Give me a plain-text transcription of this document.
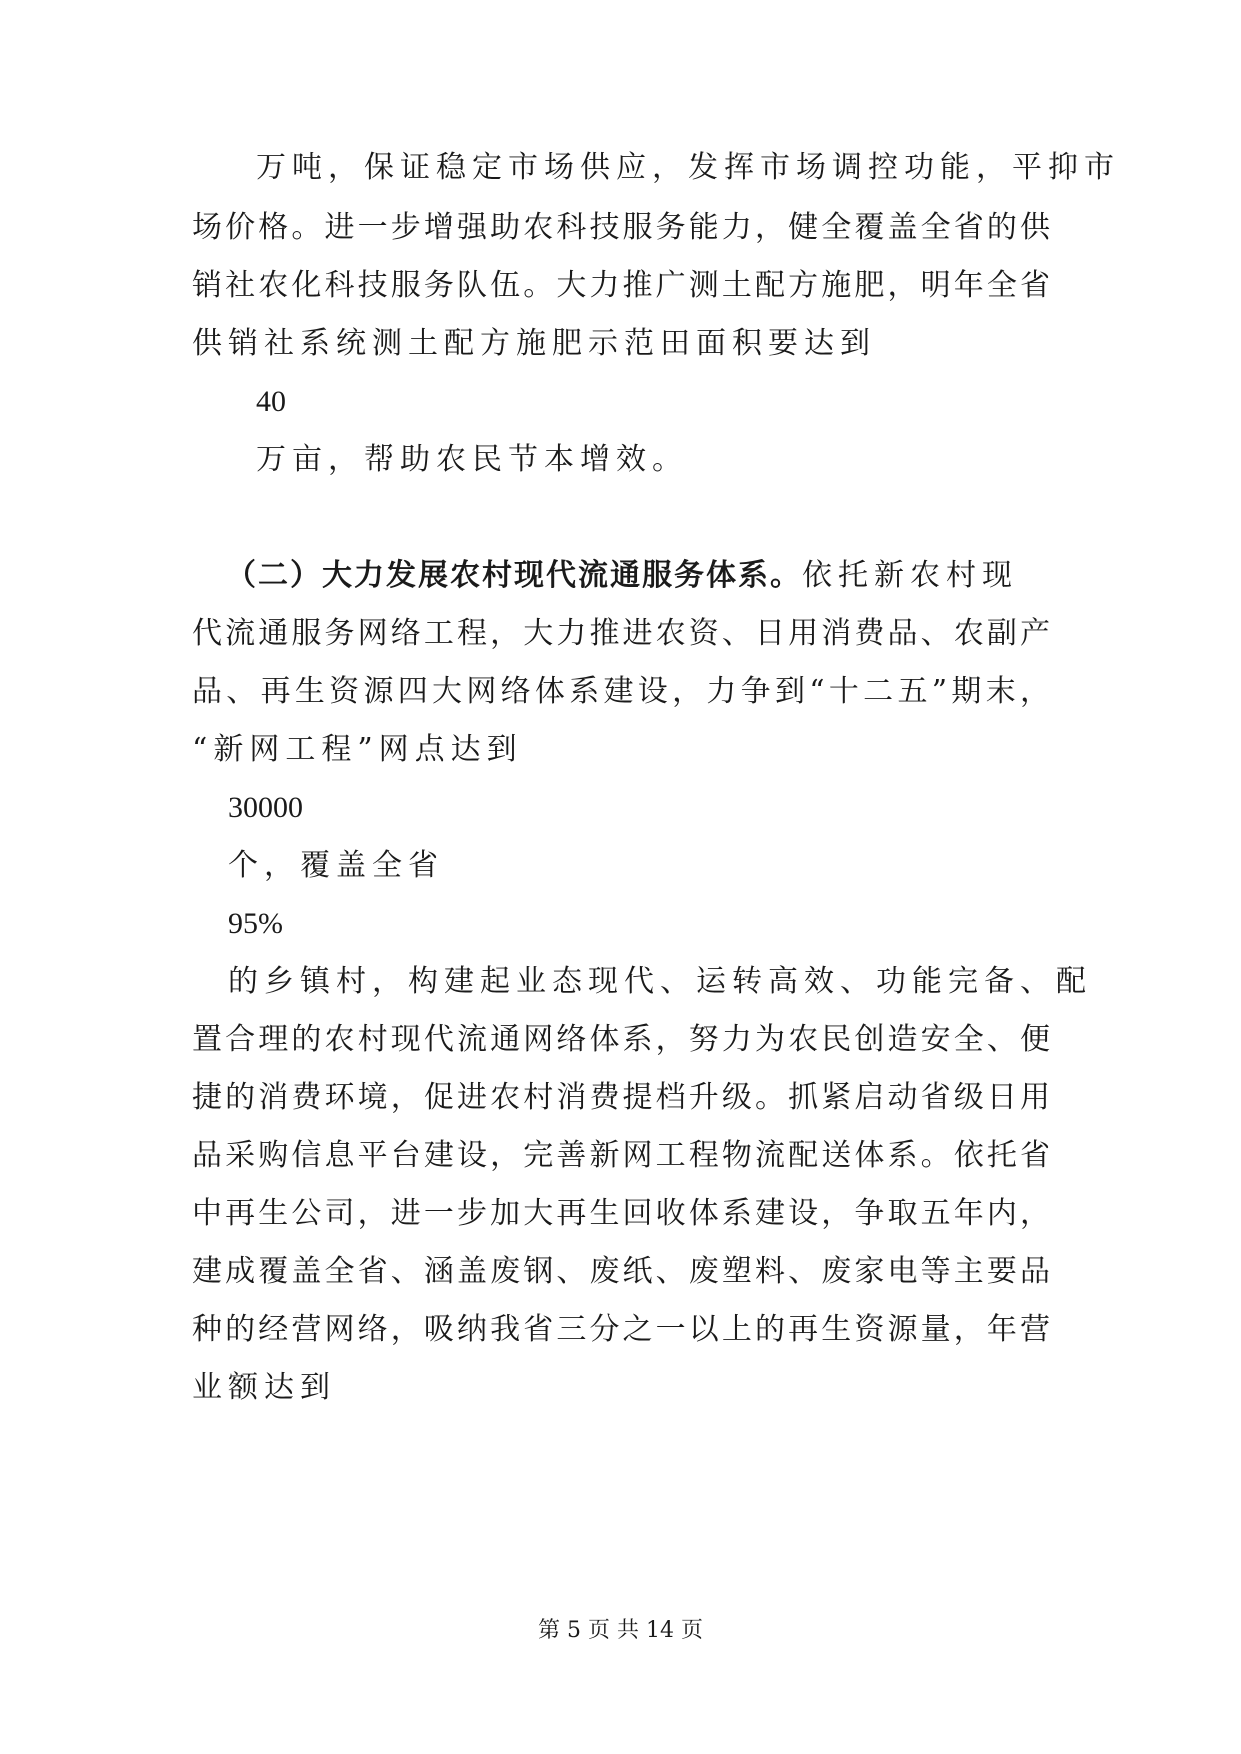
万吨，保证稳定市场供应，发挥市场调控功能，平抑市
场价格。进一步增强助农科技服务能力，健全覆盖全省的供
销社农化科技服务队伍。大力推广测土配方施肥，明年全省
供销社系统测土配方施肥示范田面积要达到
40
万亩，帮助农民节本增效。
（二）大力发展农村现代流通服务体系。依托新农村现
代流通服务网络工程，大力推进农资、日用消费品、农副产
品、再生资源四大网络体系建设，力争到“十二五”期末，
“新网工程”网点达到
30000
个，覆盖全省
95%
的乡镇村，构建起业态现代、运转高效、功能完备、配
置合理的农村现代流通网络体系，努力为农民创造安全、便
捷的消费环境，促进农村消费提档升级。抓紧启动省级日用
品采购信息平台建设，完善新网工程物流配送体系。依托省
中再生公司，进一步加大再生回收体系建设，争取五年内，
建成覆盖全省、涵盖废钢、废纸、废塑料、废家电等主要品
种的经营网络，吸纳我省三分之一以上的再生资源量，年营
业额达到
第 5 页 共 14 页
